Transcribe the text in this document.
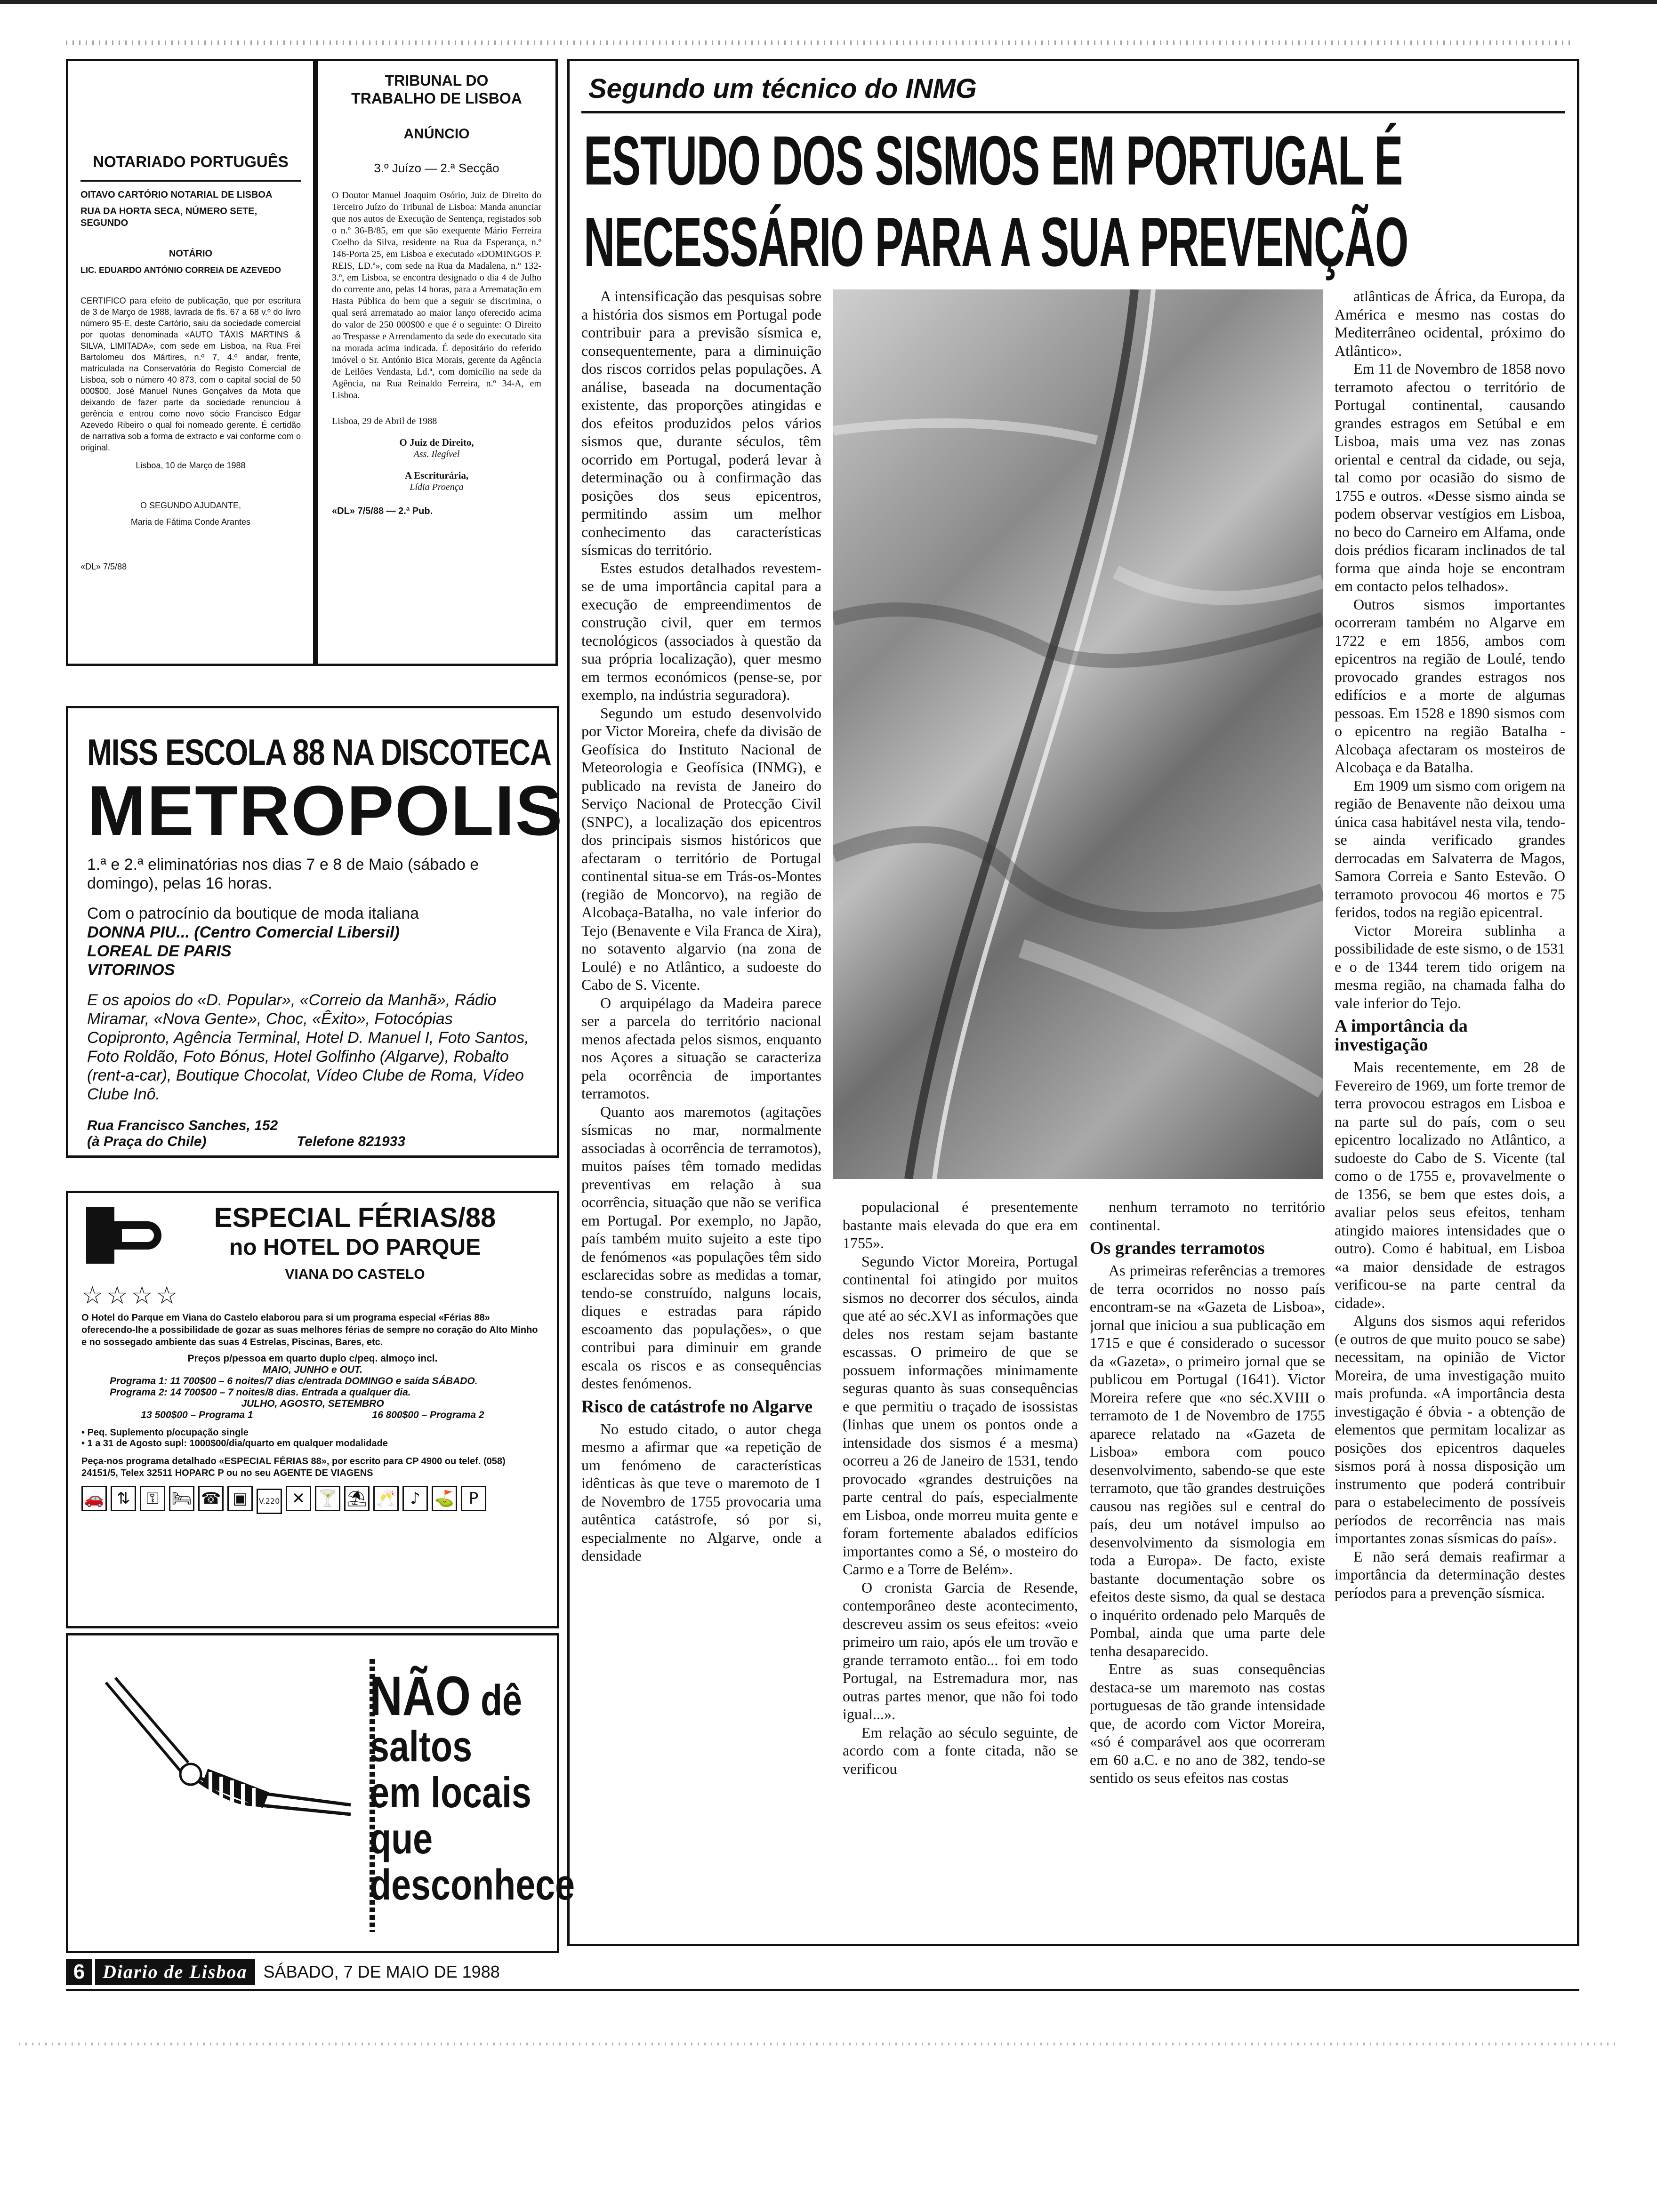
NOTARIADO PORTUGUÊS
OITAVO CARTÓRIO NOTARIAL DE LISBOA
RUA DA HORTA SECA, NÚMERO SETE, SEGUNDO
NOTÁRIO
LIC. EDUARDO ANTÓNIO CORREIA DE AZEVEDO
CERTIFICO para efeito de publicação, que por escritura de 3 de Março de 1988, lavrada de fls. 67 a 68 v.º do livro número 95-E, deste Cartório, saiu da sociedade comercial por quotas denominada «AUTO TÁXIS MARTINS & SILVA, LIMITADA», com sede em Lisboa, na Rua Frei Bartolomeu dos Mártires, n.º 7, 4.º andar, frente, matriculada na Conservatória do Registo Comercial de Lisboa, sob o número 40 873, com o capital social de 50 000$00, José Manuel Nunes Gonçalves da Mota que deixando de fazer parte da sociedade renunciou à gerência e entrou como novo sócio Francisco Edgar Azevedo Ribeiro o qual foi nomeado gerente. É certidão de narrativa sob a forma de extracto e vai conforme com o original.
Lisboa, 10 de Março de 1988
O SEGUNDO AJUDANTE,
Maria de Fátima Conde Arantes
«DL» 7/5/88
TRIBUNAL DO TRABALHO DE LISBOA
ANÚNCIO
3.º Juízo — 2.ª Secção
O Doutor Manuel Joaquim Osório, Juiz de Direito do Terceiro Juízo do Tribunal de Lisboa: Manda anunciar que nos autos de Execução de Sentença, registados sob o n.º 36-B/85, em que são exequente Mário Ferreira Coelho da Silva, residente na Rua da Esperança, n.º 146-Porta 25, em Lisboa e executado «DOMINGOS P. REIS, LD.ª», com sede na Rua da Madalena, n.º 132-3.º, em Lisboa, se encontra designado o dia 4 de Julho do corrente ano, pelas 14 horas, para a Arrematação em Hasta Pública do bem que a seguir se discrimina, o qual será arrematado ao maior lanço oferecido acima do valor de 250 000$00 e que é o seguinte: O Direito ao Trespasse e Arrendamento da sede do executado sita na morada acima indicada. É depositário do referido imóvel o Sr. António Bica Morais, gerente da Agência de Leilões Vendasta, Ld.ª, com domicílio na sede da Agência, na Rua Reinaldo Ferreira, n.º 34-A, em Lisboa.
Lisboa, 29 de Abril de 1988
O Juiz de Direito,
Ass. Ilegível
A Escriturária,
Lídia Proença
«DL» 7/5/88 — 2.ª Pub.
MISS ESCOLA 88 NA DISCOTECA
METROPOLIS
1.ª e 2.ª eliminatórias nos dias 7 e 8 de Maio (sábado e domingo), pelas 16 horas.
Com o patrocínio da boutique de moda italiana
DONNA PIU... (Centro Comercial Libersil)
LOREAL DE PARIS
VITORINOS
E os apoios do «D. Popular», «Correio da Manhã», Rádio Miramar, «Nova Gente», Choc, «Êxito», Fotocópias Copipronto, Agência Terminal, Hotel D. Manuel I, Foto Santos, Foto Roldão, Foto Bónus, Hotel Golfinho (Algarve), Robalto (rent-a-car), Boutique Chocolat, Vídeo Clube de Roma, Vídeo Clube Inô.
Rua Francisco Sanches, 152
(à Praça do Chile)	Telefone 821933
ESPECIAL FÉRIAS/88
no HOTEL DO PARQUE
VIANA DO CASTELO
☆☆☆☆
O Hotel do Parque em Viana do Castelo elaborou para si um programa especial «Férias 88» oferecendo-lhe a possibilidade de gozar as suas melhores férias de sempre no coração do Alto Minho e no sossegado ambiente das suas 4 Estrelas, Piscinas, Bares, etc.
Preços p/pessoa em quarto duplo c/peq. almoço incl.
MAIO, JUNHO e OUT.
Programa 1: 11 700$00 – 6 noites/7 dias c/entrada DOMINGO e saída SÁBADO.
Programa 2: 14 700$00 – 7 noites/8 dias. Entrada a qualquer dia.
JULHO, AGOSTO, SETEMBRO
13 500$00 – Programa 1	16 800$00 – Programa 2
• Peq. Suplemento p/ocupação single
• 1 a 31 de Agosto supl: 1000$00/dia/quarto em qualquer modalidade
Peça-nos programa detalhado «ESPECIAL FÉRIAS 88», por escrito para CP 4900 ou telef. (058) 24151/5, Telex 32511 HOPARC P ou no seu AGENTE DE VIAGENS
🚗 ⇅ ⚿ 🛏 ☎ ▣ V.220 ✕ 🍸 ⛱ 🥂 ♪ ⛳ P
NÃO dê
saltos
em locais
que
desconhece
Segundo um técnico do INMG
ESTUDO DOS SISMOS EM PORTUGAL É
NECESSÁRIO PARA A SUA PREVENÇÃO

A intensificação das pesquisas sobre a história dos sismos em Portugal pode contribuir para a previsão sísmica e, consequentemente, para a diminuição dos riscos corridos pelas populações. A análise, baseada na documentação existente, das proporções atingidas e dos efeitos produzidos pelos vários sismos que, durante séculos, têm ocorrido em Portugal, poderá levar à determinação ou à confirmação das posições dos seus epicentros, permitindo assim um melhor conhecimento das características sísmicas do território.

Estes estudos detalhados revestem-se de uma importância capital para a execução de empreendimentos de construção civil, quer em termos tecnológicos (associados à questão da sua própria localização), quer mesmo em termos económicos (pense-se, por exemplo, na indústria seguradora).

Segundo um estudo desenvolvido por Victor Moreira, chefe da divisão de Geofísica do Instituto Nacional de Meteorologia e Geofísica (INMG), e publicado na revista de Janeiro do Serviço Nacional de Protecção Civil (SNPC), a localização dos epicentros dos principais sismos históricos que afectaram o território de Portugal continental situa-se em Trás-os-Montes (região de Moncorvo), na região de Alcobaça-Batalha, no vale inferior do Tejo (Benavente e Vila Franca de Xira), no sotavento algarvio (na zona de Loulé) e no Atlântico, a sudoeste do Cabo de S. Vicente.

O arquipélago da Madeira parece ser a parcela do território nacional menos afectada pelos sismos, enquanto nos Açores a situação se caracteriza pela ocorrência de importantes terramotos.

Quanto aos maremotos (agitações sísmicas no mar, normalmente associadas à ocorrência de terramotos), muitos países têm tomado medidas preventivas em relação à sua ocorrência, situação que não se verifica em Portugal. Por exemplo, no Japão, país também muito sujeito a este tipo de fenómenos «as populações têm sido esclarecidas sobre as medidas a tomar, tendo-se construído, nalguns locais, diques e estradas para rápido escoamento das populações», o que contribui para diminuir em grande escala os riscos e as consequências destes fenómenos.

Risco de catástrofe no Algarve

No estudo citado, o autor chega mesmo a afirmar que «a repetição de um fenómeno de características idênticas às que teve o maremoto de 1 de Novembro de 1755 provocaria uma autêntica catástrofe, só por si, especialmente no Algarve, onde a densidade

populacional é presentemente bastante mais elevada do que era em 1755».

Segundo Victor Moreira, Portugal continental foi atingido por muitos sismos no decorrer dos séculos, ainda que até ao séc.XVI as informações que deles nos restam sejam bastante escassas. O primeiro de que se possuem informações minimamente seguras quanto às suas consequências e que permitiu o traçado de isossistas (linhas que unem os pontos onde a intensidade dos sismos é a mesma) ocorreu a 26 de Janeiro de 1531, tendo provocado «grandes destruições na parte central do país, especialmente em Lisboa, onde morreu muita gente e foram fortemente abalados edifícios importantes como a Sé, o mosteiro do Carmo e a Torre de Belém».

O cronista Garcia de Resende, contemporâneo deste acontecimento, descreveu assim os seus efeitos: «veio primeiro um raio, após ele um trovão e grande terramoto então... foi em todo Portugal, na Estremadura mor, nas outras partes menor, que não foi todo igual...».

Em relação ao século seguinte, de acordo com a fonte citada, não se verificou

nenhum terramoto no território continental.

Os grandes terramotos

As primeiras referências a tremores de terra ocorridos no nosso país encontram-se na «Gazeta de Lisboa», jornal que iniciou a sua publicação em 1715 e que é considerado o sucessor da «Gazeta», o primeiro jornal que se publicou em Portugal (1641). Victor Moreira refere que «no séc.XVIII o terramoto de 1 de Novembro de 1755 aparece relatado na «Gazeta de Lisboa» embora com pouco desenvolvimento, sabendo-se que este terramoto, que tão grandes destruições causou nas regiões sul e central do país, deu um notável impulso ao desenvolvimento da sismologia em toda a Europa». De facto, existe bastante documentação sobre os efeitos deste sismo, da qual se destaca o inquérito ordenado pelo Marquês de Pombal, ainda que uma parte dele tenha desaparecido.

Entre as suas consequências destaca-se um maremoto nas costas portuguesas de tão grande intensidade que, de acordo com Victor Moreira, «só é comparável aos que ocorreram em 60 a.C. e no ano de 382, tendo-se sentido os seus efeitos nas costas

atlânticas de África, da Europa, da América e mesmo nas costas do Mediterrâneo ocidental, próximo do Atlântico».

Em 11 de Novembro de 1858 novo terramoto afectou o território de Portugal continental, causando grandes estragos em Setúbal e em Lisboa, mais uma vez nas zonas oriental e central da cidade, ou seja, tal como por ocasião do sismo de 1755 e outros. «Desse sismo ainda se podem observar vestígios em Lisboa, no beco do Carneiro em Alfama, onde dois prédios ficaram inclinados de tal forma que ainda hoje se encontram em contacto pelos telhados».

Outros sismos importantes ocorreram também no Algarve em 1722 e em 1856, ambos com epicentros na região de Loulé, tendo provocado grandes estragos nos edifícios e a morte de algumas pessoas. Em 1528 e 1890 sismos com o epicentro na região Batalha - Alcobaça afectaram os mosteiros de Alcobaça e da Batalha.

Em 1909 um sismo com origem na região de Benavente não deixou uma única casa habitável nesta vila, tendo-se ainda verificado grandes derrocadas em Salvaterra de Magos, Samora Correia e Santo Estevão. O terramoto provocou 46 mortos e 75 feridos, todos na região epicentral.

Victor Moreira sublinha a possibilidade de este sismo, o de 1531 e o de 1344 terem tido origem na mesma região, na chamada falha do vale inferior do Tejo.

A importância da investigação

Mais recentemente, em 28 de Fevereiro de 1969, um forte tremor de terra provocou estragos em Lisboa e na parte sul do país, com o seu epicentro localizado no Atlântico, a sudoeste do Cabo de S. Vicente (tal como o de 1755 e, provavelmente o de 1356, se bem que estes dois, a avaliar pelos seus efeitos, tenham atingido maiores intensidades que o outro). Como é habitual, em Lisboa «a maior densidade de estragos verificou-se na parte central da cidade».

Alguns dos sismos aqui referidos (e outros de que muito pouco se sabe) necessitam, na opinião de Victor Moreira, de uma investigação muito mais profunda. «A importância desta investigação é óbvia - a obtenção de elementos que permitam localizar as posições dos epicentros daqueles sismos porá à nossa disposição um instrumento que poderá contribuir para o estabelecimento de possíveis períodos de recorrência nas mais importantes zonas sísmicas do país».

E não será demais reafirmar a importância da determinação destes períodos para a prevenção sísmica.

6 Diario de Lisboa SÁBADO, 7 DE MAIO DE 1988
